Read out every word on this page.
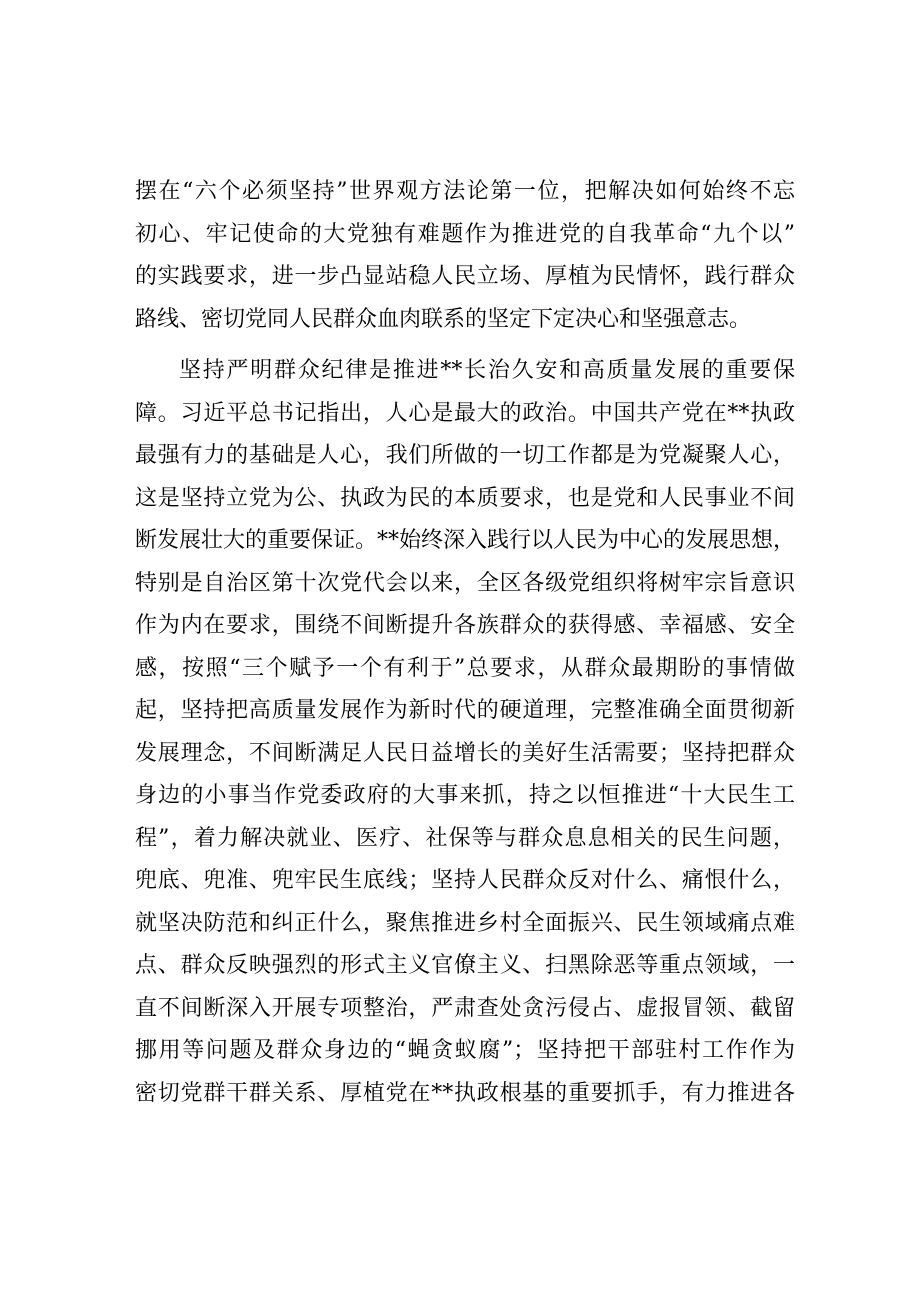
摆在“六个必须坚持”世界观方法论第一位，把解决如何始终不忘
初心、牢记使命的大党独有难题作为推进党的自我革命“九个以”
的实践要求，进一步凸显站稳人民立场、厚植为民情怀，践行群众
路线、密切党同人民群众血肉联系的坚定下定决心和坚强意志。
坚持严明群众纪律是推进**长治久安和高质量发展的重要保
障。习近平总书记指出，人心是最大的政治。中国共产党在**执政
最强有力的基础是人心，我们所做的一切工作都是为党凝聚人心，
这是坚持立党为公、执政为民的本质要求，也是党和人民事业不间
断发展壮大的重要保证。**始终深入践行以人民为中心的发展思想，
特别是自治区第十次党代会以来，全区各级党组织将树牢宗旨意识
作为内在要求，围绕不间断提升各族群众的获得感、幸福感、安全
感，按照“三个赋予一个有利于”总要求，从群众最期盼的事情做
起，坚持把高质量发展作为新时代的硬道理，完整准确全面贯彻新
发展理念，不间断满足人民日益增长的美好生活需要；坚持把群众
身边的小事当作党委政府的大事来抓，持之以恒推进“十大民生工
程”，着力解决就业、医疗、社保等与群众息息相关的民生问题，
兜底、兜准、兜牢民生底线；坚持人民群众反对什么、痛恨什么，
就坚决防范和纠正什么，聚焦推进乡村全面振兴、民生领域痛点难
点、群众反映强烈的形式主义官僚主义、扫黑除恶等重点领域，一
直不间断深入开展专项整治，严肃查处贪污侵占、虚报冒领、截留
挪用等问题及群众身边的“蝇贪蚁腐”；坚持把干部驻村工作作为
密切党群干群关系、厚植党在**执政根基的重要抓手，有力推进各
